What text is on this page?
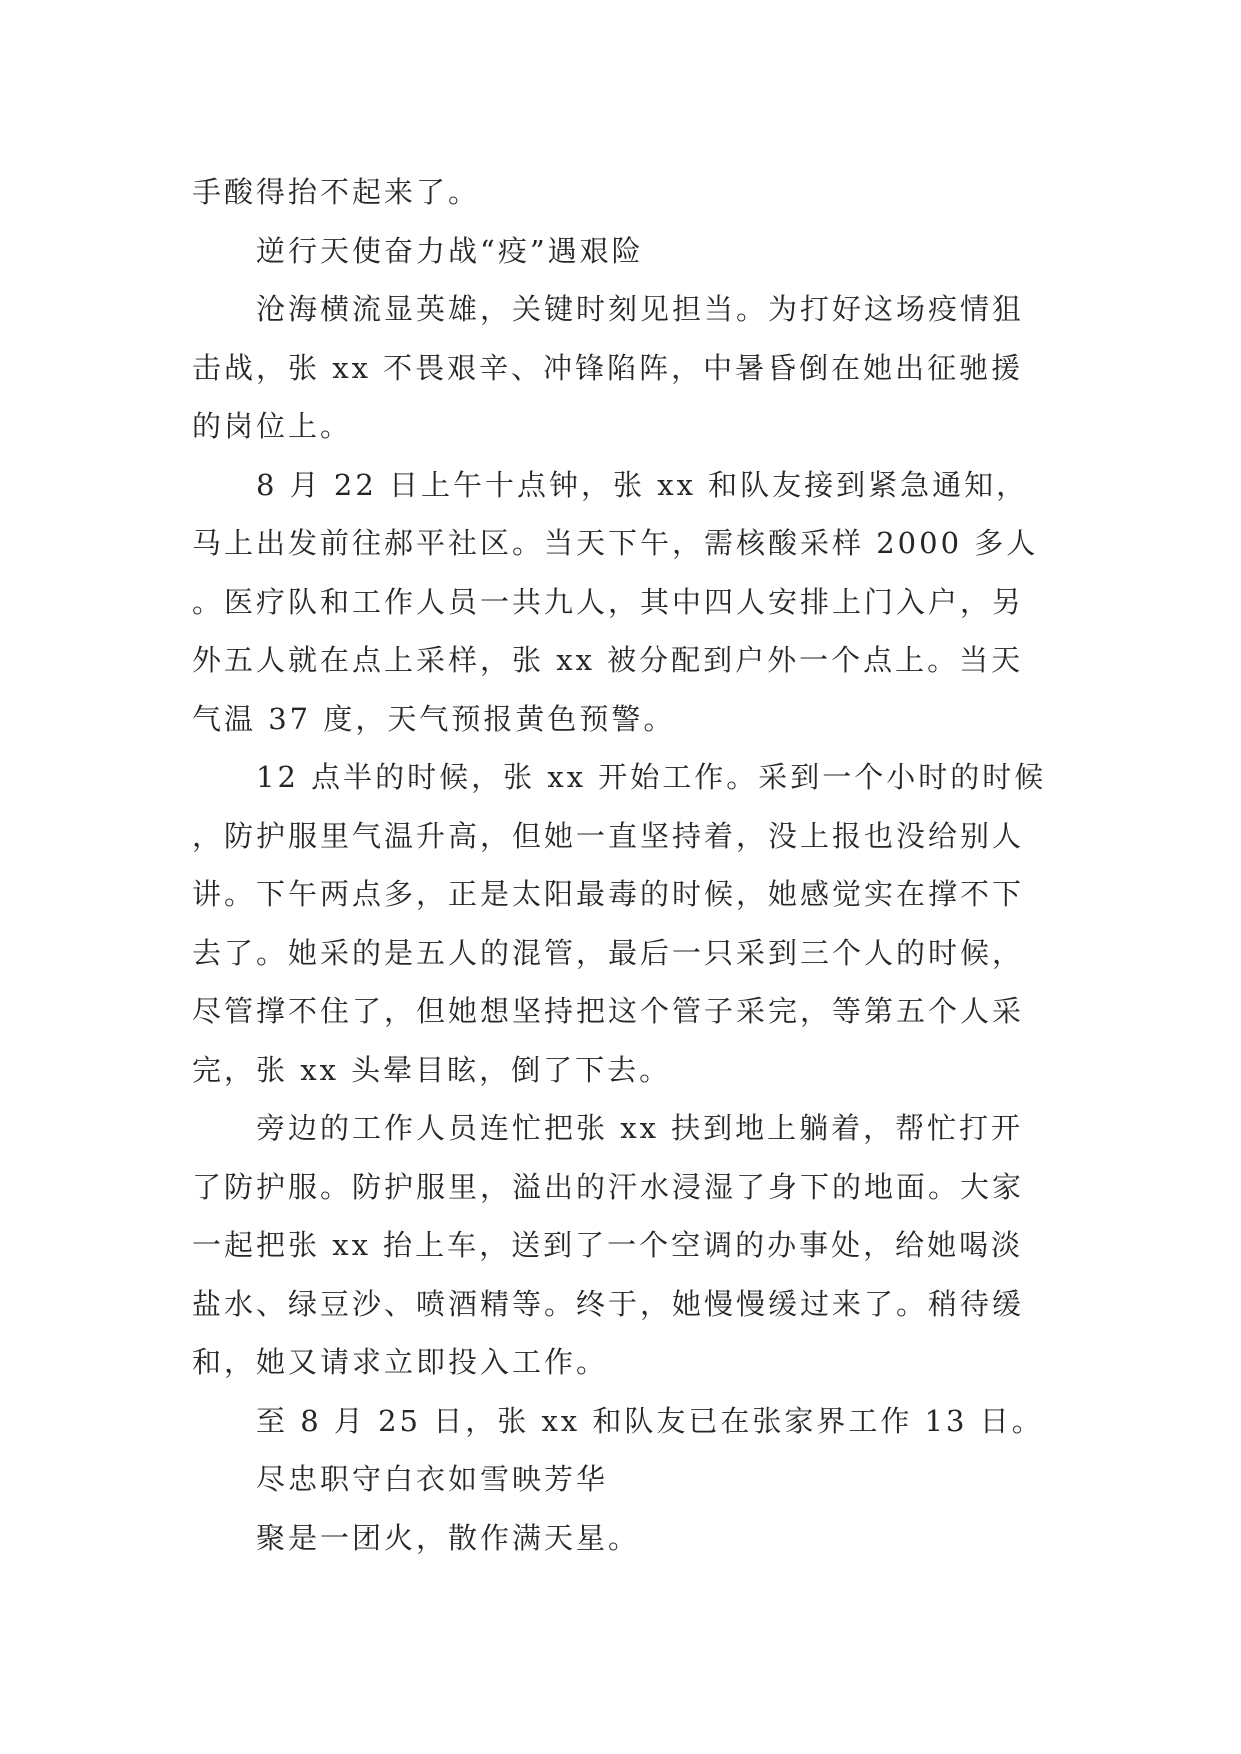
手酸得抬不起来了。

逆行天使奋力战“疫”遇艰险

沧海横流显英雄，关键时刻见担当。为打好这场疫情狙击战，张 xx 不畏艰辛、冲锋陷阵，中暑昏倒在她出征驰援的岗位上。

8 月 22 日上午十点钟，张 xx 和队友接到紧急通知，马上出发前往郝平社区。当天下午，需核酸采样 2000 多人。医疗队和工作人员一共九人，其中四人安排上门入户，另外五人就在点上采样，张 xx 被分配到户外一个点上。当天气温 37 度，天气预报黄色预警。

12 点半的时候，张 xx 开始工作。采到一个小时的时候，防护服里气温升高，但她一直坚持着，没上报也没给别人讲。下午两点多，正是太阳最毒的时候，她感觉实在撑不下去了。她采的是五人的混管，最后一只采到三个人的时候，尽管撑不住了，但她想坚持把这个管子采完，等第五个人采完，张 xx 头晕目眩，倒了下去。

旁边的工作人员连忙把张 xx 扶到地上躺着，帮忙打开了防护服。防护服里，溢出的汗水浸湿了身下的地面。大家一起把张 xx 抬上车，送到了一个空调的办事处，给她喝淡盐水、绿豆沙、喷酒精等。终于，她慢慢缓过来了。稍待缓和，她又请求立即投入工作。

至 8 月 25 日，张 xx 和队友已在张家界工作 13 日。

尽忠职守白衣如雪映芳华

聚是一团火，散作满天星。
